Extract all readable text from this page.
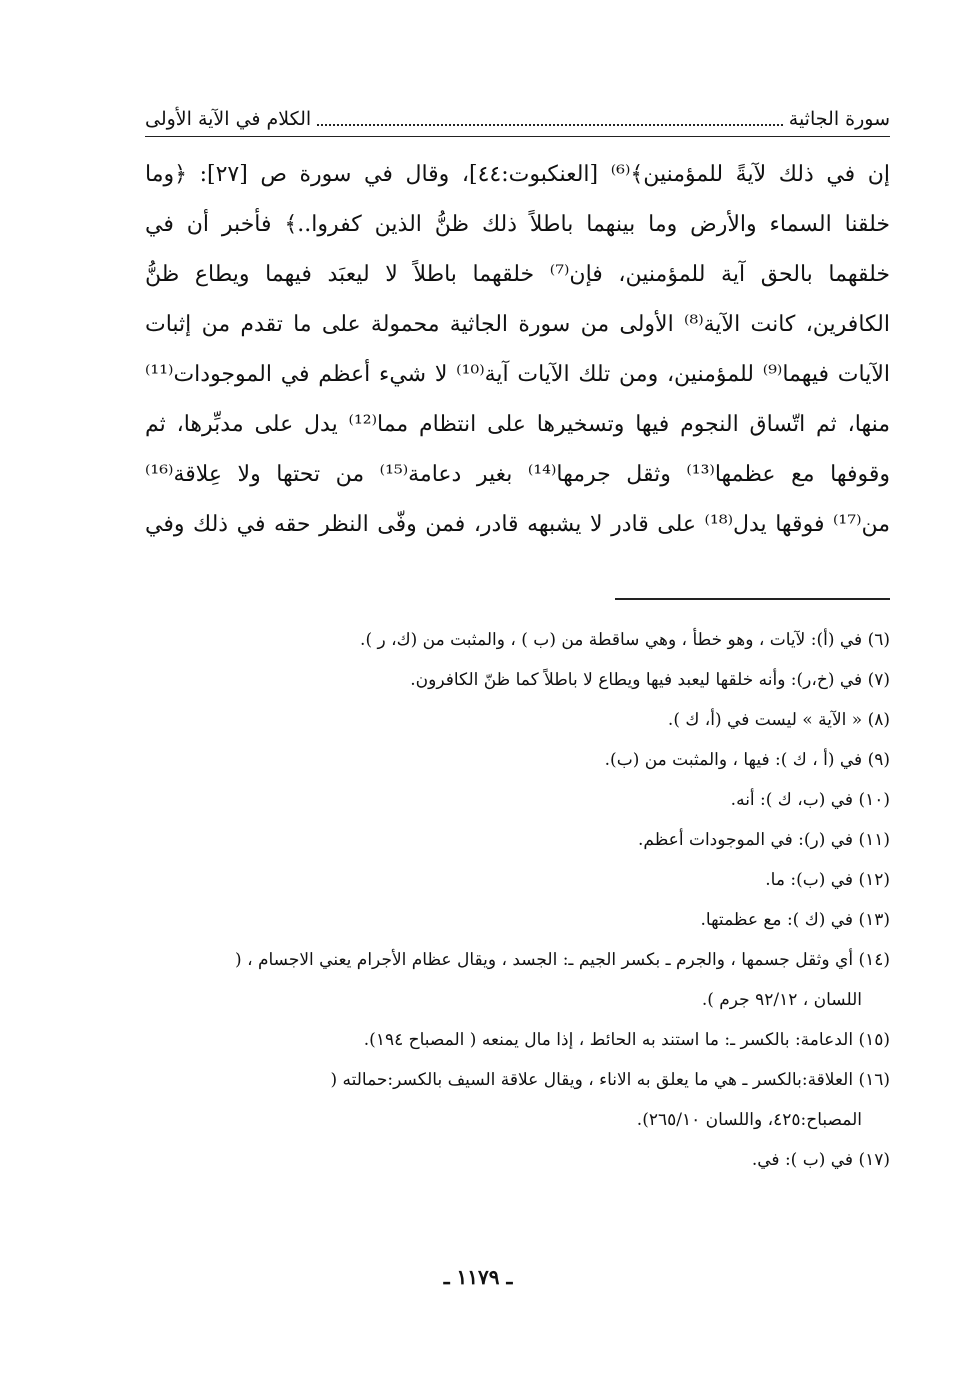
سورة الجاثية
الكلام في الآية الأولى
إن في ذلك لآيةً للمؤمنين﴾⁽⁶⁾ [العنكبوت:٤٤]، وقال في سورة ص [٢٧]: ﴿وما
خلقنا السماء والأرض وما بينهما باطلاً ذلك ظنُّ الذين كفروا..﴾ فأخبر أن في
خلقهما بالحق آية للمؤمنين، فإن⁽⁷⁾ خلقهما باطلاً لا ليعبَد فيهما ويطاع ظنُّ
الكافرين، كانت الآية⁽⁸⁾ الأولى من سورة الجاثية محمولة على ما تقدم من إثبات
الآيات فيهما⁽⁹⁾ للمؤمنين، ومن تلك الآيات آية⁽¹⁰⁾ لا شيء أعظم في الموجودات⁽¹¹⁾
منها، ثم اتّساق النجوم فيها وتسخيرها على انتظام مما⁽¹²⁾ يدل على مدبِّرها، ثم
وقوفها مع عظمها⁽¹³⁾ وثقل جرمها⁽¹⁴⁾ بغير دعامة⁽¹⁵⁾ من تحتها ولا عِلاقة⁽¹⁶⁾
من⁽¹⁷⁾ فوقها يدل⁽¹⁸⁾ على قادر لا يشبهه قادر، فمن وفّى النظر حقه في ذلك وفي
(٦) في (أ): لآيات ، وهو خطأ ، وهي ساقطة من (ب ) ، والمثبت من (ك، ر ).
(٧) في (خ،ر): وأنه خلقها ليعبد فيها ويطاع لا باطلاً كما ظنّ الكافرون.
(٨) « الآية » ليست في (أ، ك ).
(٩) في (أ ، ك ): فيها ، والمثبت من (ب).
(١٠) في (ب، ك ): أنه.
(١١) في (ر): في الموجودات أعظم.
(١٢) في (ب): ما.
(١٣) في (ك ): مع عظمتها.
(١٤) أي وثقل جسمها ، والجرم ـ بكسر الجيم ـ: الجسد ، ويقال عظام الأجرام يعني الاجسام ، (
اللسان ، ٩٢/١٢ جرم ).
(١٥) الدعامة: بالكسر ـ: ما استند به الحائط ، إذا مال يمنعه ( المصباح ١٩٤).
(١٦) العلاقة:بالكسر ـ هي ما يعلق به الاناء ، ويقال علاقة السيف بالكسر:حمالته (
المصباح:٤٢٥، واللسان ٢٦٥/١٠).
(١٧) في (ب ): في.
ـ ١١٧٩ ـ
